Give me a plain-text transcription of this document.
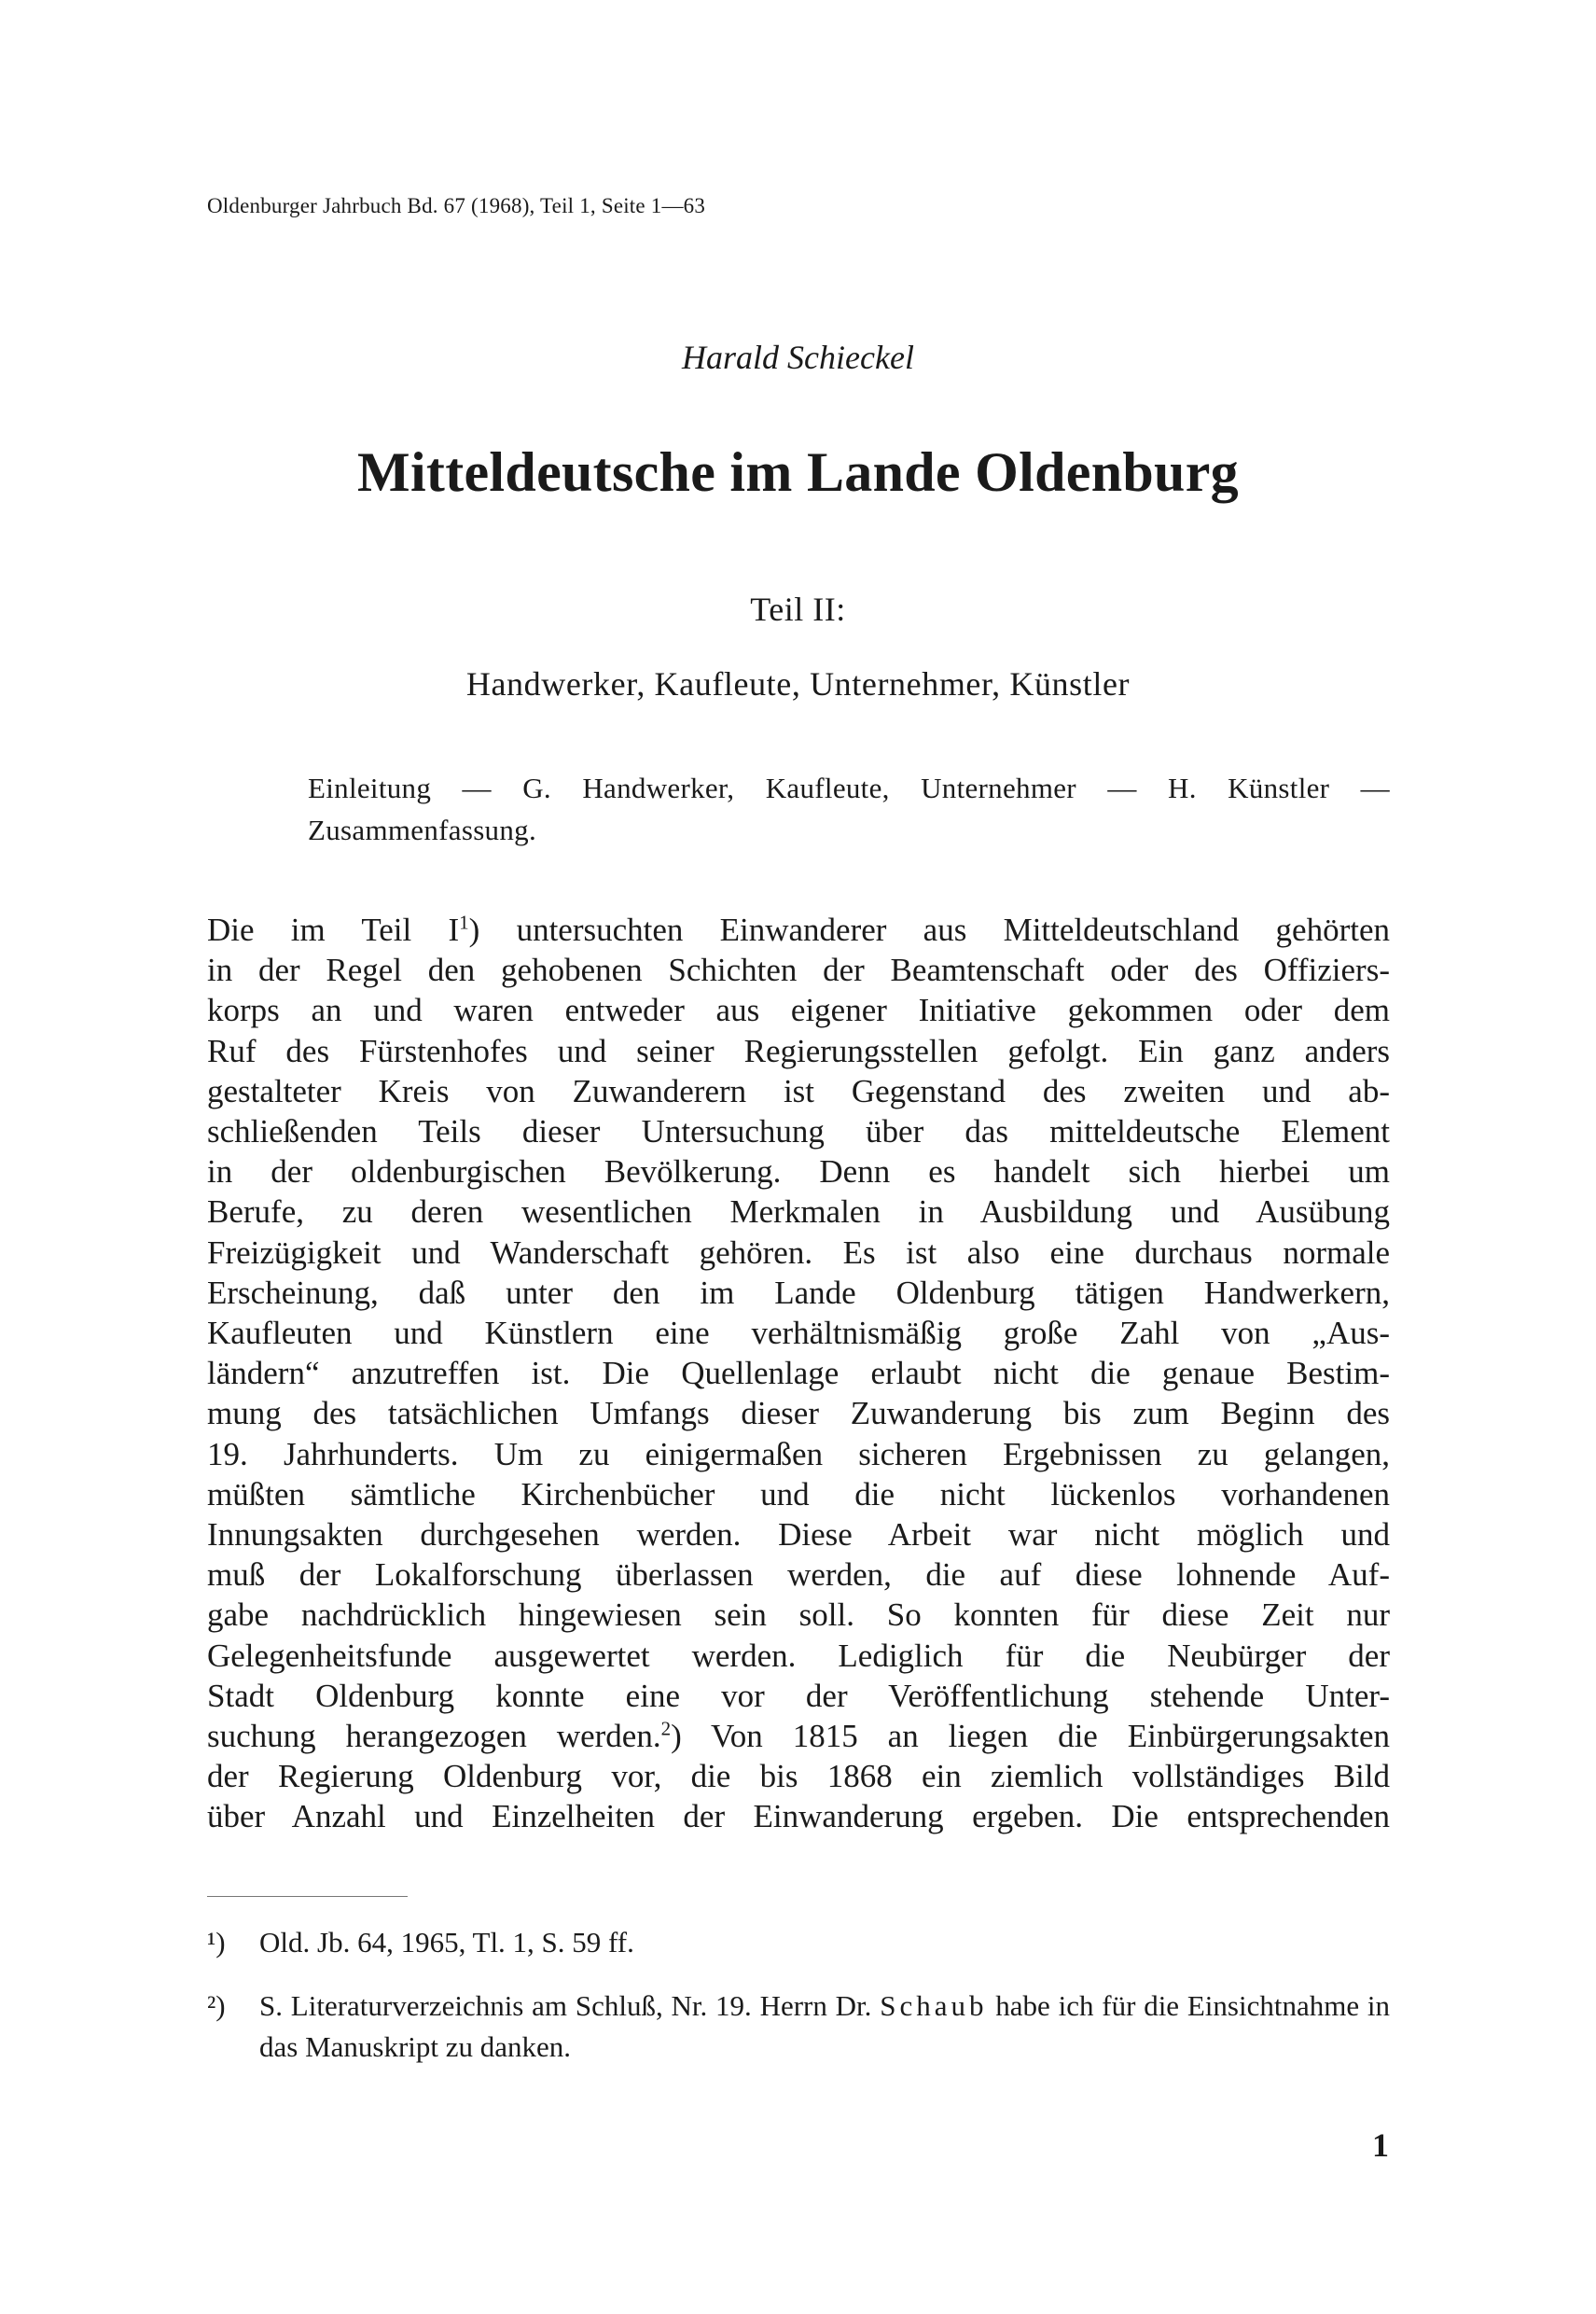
Oldenburger Jahrbuch Bd. 67 (1968), Teil 1, Seite 1—63
Harald Schieckel
Mitteldeutsche im Lande Oldenburg
Teil II:
Handwerker, Kaufleute, Unternehmer, Künstler
Einleitung — G. Handwerker, Kaufleute, Unternehmer — H. Künstler — Zusammenfassung.
Die im Teil $I^1$) untersuchten Einwanderer aus Mitteldeutschland gehörten
in der Regel den gehobenen Schichten der Beamtenschaft oder des Offiziers-
korps an und waren entweder aus eigener Initiative gekommen oder dem
Ruf des Fürstenhofes und seiner Regierungsstellen gefolgt. Ein ganz anders
gestalteter Kreis von Zuwanderern ist Gegenstand des zweiten und ab-
schließenden Teils dieser Untersuchung über das mitteldeutsche Element
in der oldenburgischen Bevölkerung. Denn es handelt sich hierbei um
Berufe, zu deren wesentlichen Merkmalen in Ausbildung und Ausübung
Freizügigkeit und Wanderschaft gehören. Es ist also eine durchaus normale
Erscheinung, daß unter den im Lande Oldenburg tätigen Handwerkern,
Kaufleuten und Künstlern eine verhältnismäßig große Zahl von „Aus-
ländern“ anzutreffen ist. Die Quellenlage erlaubt nicht die genaue Bestim-
mung des tatsächlichen Umfangs dieser Zuwanderung bis zum Beginn des
19. Jahrhunderts. Um zu einigermaßen sicheren Ergebnissen zu gelangen,
müßten sämtliche Kirchenbücher und die nicht lückenlos vorhandenen
Innungsakten durchgesehen werden. Diese Arbeit war nicht möglich und
muß der Lokalforschung überlassen werden, die auf diese lohnende Auf-
gabe nachdrücklich hingewiesen sein soll. So konnten für diese Zeit nur
Gelegenheitsfunde ausgewertet werden. Lediglich für die Neubürger der
Stadt Oldenburg konnte eine vor der Veröffentlichung stehende Unter-
suchung herangezogen werden.$^2$) Von 1815 an liegen die Einbürgerungsakten
der Regierung Oldenburg vor, die bis 1868 ein ziemlich vollständiges Bild
über Anzahl und Einzelheiten der Einwanderung ergeben. Die entsprechenden
¹)	Old. Jb. 64, 1965, Tl. 1, S. 59 ff.
²)	S. Literaturverzeichnis am Schluß, Nr. 19. Herrn Dr. Schaub habe ich für die Einsichtnahme in das Manuskript zu danken.
1
